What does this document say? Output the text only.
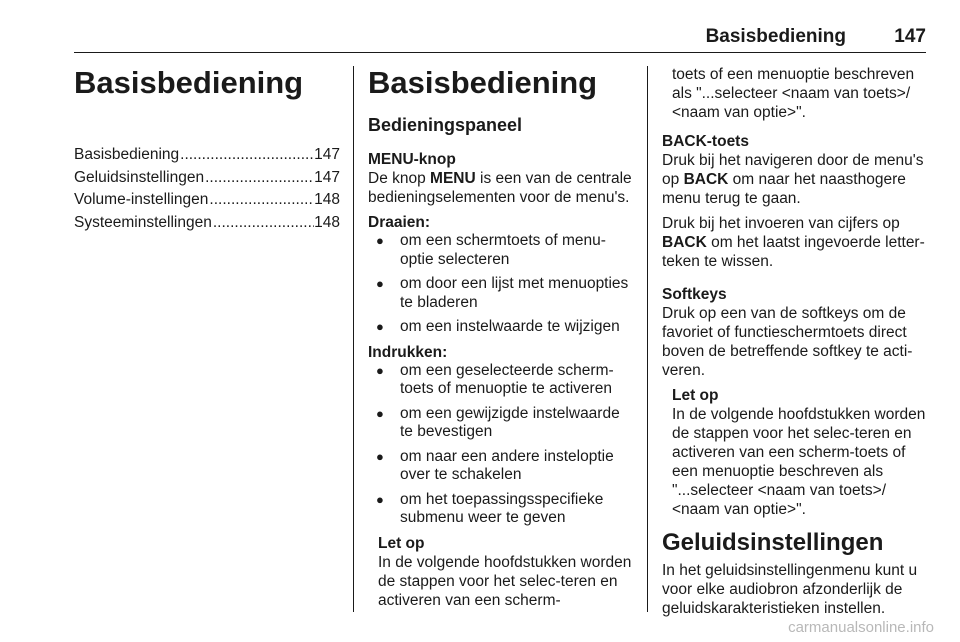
Basisbediening	147
Basisbediening
Basisbediening .....	147
Geluidsinstellingen .....	147
Volume-instellingen .....	148
Systeeminstellingen .....	148
Basisbediening
Bedieningspaneel
MENU-knop

De knop MENU is een van de centrale bedieningselementen voor de menu's.

Draaien:
● om een schermtoets of menu-optie selecteren
● om door een lijst met menuopties te bladeren
● om een instelwaarde te wijzigen
Indrukken:
● om een geselecteerde scherm-toets of menuoptie te activeren
● om een gewijzigde instelwaarde te bevestigen
● om naar een andere insteloptie over te schakelen
● om het toepassingsspecifieke submenu weer te geven
Let op

In de volgende hoofdstukken worden de stappen voor het selec-teren en activeren van een scherm-

toets of een menuoptie beschreven als "...selecteer <naam van toets>/ <naam van optie>".

BACK-toets

Druk bij het navigeren door de menu's op BACK om naar het naasthogere menu terug te gaan.

Druk bij het invoeren van cijfers op BACK om het laatst ingevoerde letter-teken te wissen.

Softkeys

Druk op een van de softkeys om de favoriet of functieschermtoets direct boven de betreffende softkey te acti-veren.

Let op

In de volgende hoofdstukken worden de stappen voor het selec-teren en activeren van een scherm-toets of een menuoptie beschreven als "...selecteer <naam van toets>/ <naam van optie>".

Geluidsinstellingen

In het geluidsinstellingenmenu kunt u voor elke audiobron afzonderlijk de geluidskarakteristieken instellen.

carmanualsonline.info
